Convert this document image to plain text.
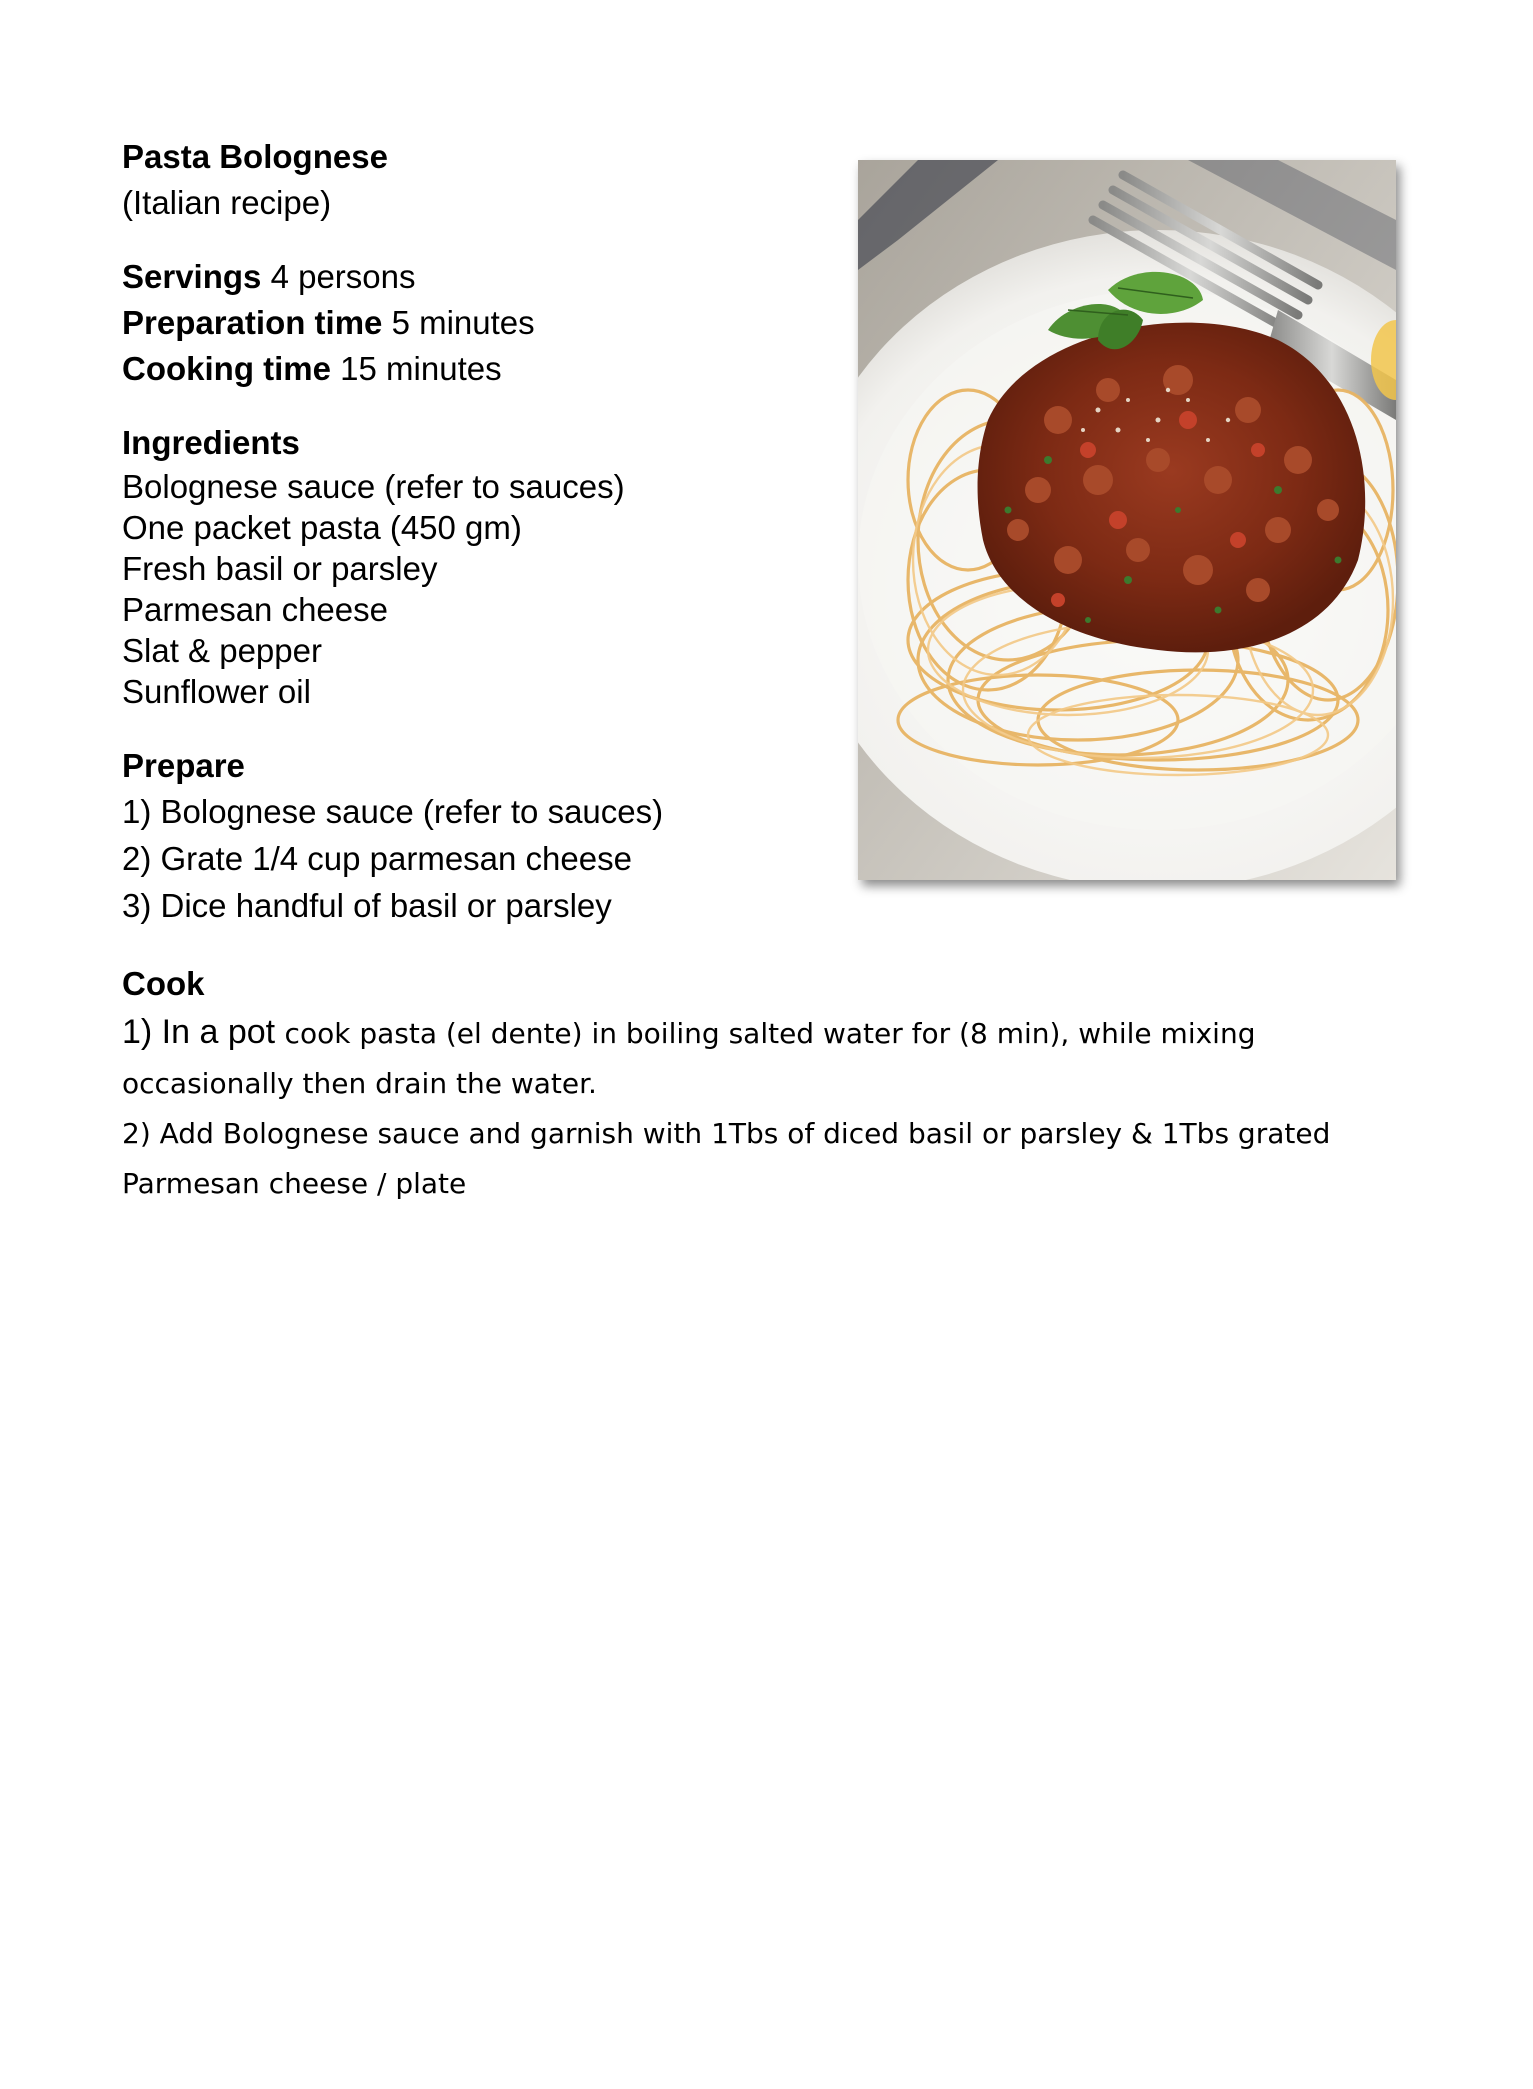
Pasta Bolognese

(Italian recipe)

Servings 4 persons

Preparation time 5 minutes

Cooking time 15 minutes

Ingredients

Bolognese sauce (refer to sauces)

One packet pasta (450 gm)

Fresh basil or parsley

Parmesan cheese

Slat & pepper

Sunflower oil

Prepare

1) Bolognese sauce (refer to sauces)

2) Grate 1/4 cup parmesan cheese

3) Dice handful of basil or parsley

Cook

1) In a pot cook pasta (el dente) in boiling salted water for (8 min), while mixing

occasionally then drain the water.

2) Add Bolognese sauce and garnish with 1Tbs of diced basil or parsley & 1Tbs grated

Parmesan cheese / plate
